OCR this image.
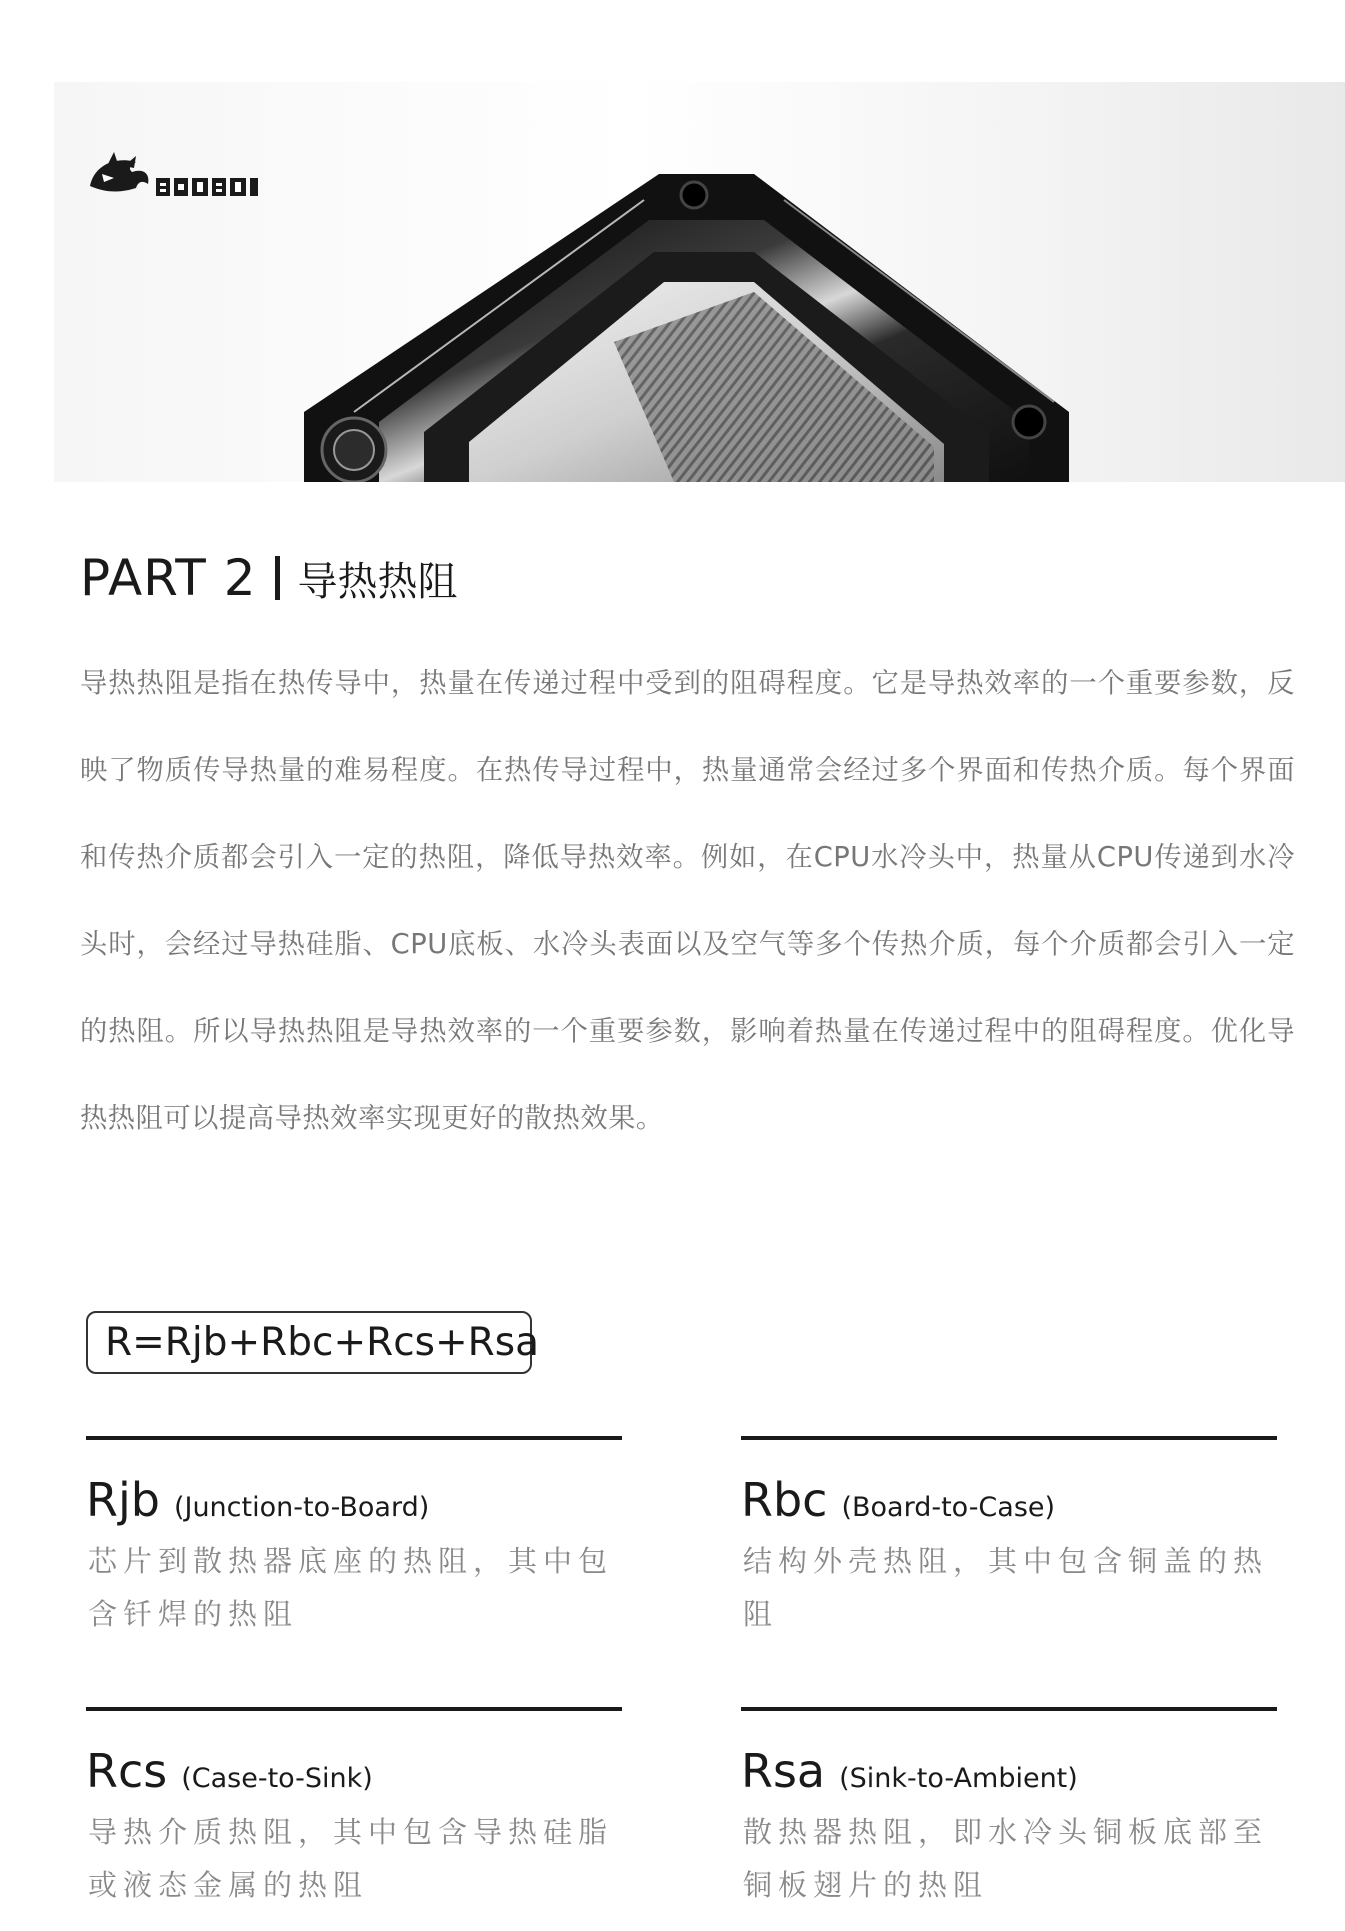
PART 2 导热热阻

导热热阻是指在热传导中，热量在传递过程中受到的阻碍程度。它是导热效率的一个重要参数，反映了物质传导热量的难易程度。在热传导过程中，热量通常会经过多个界面和传热介质。每个界面和传热介质都会引入一定的热阻，降低导热效率。例如，在CPU水冷头中，热量从CPU传递到水冷头时，会经过导热硅脂、CPU底板、水冷头表面以及空气等多个传热介质，每个介质都会引入一定的热阻。所以导热热阻是导热效率的一个重要参数，影响着热量在传递过程中的阻碍程度。优化导热热阻可以提高导热效率实现更好的散热效果。

R=Rjb+Rbc+Rcs+Rsa
Rjb (Junction-to-Board)
芯片到散热器底座的热阻，其中包含钎焊的热阻
Rbc (Board-to-Case)
结构外壳热阻，其中包含铜盖的热阻
Rcs (Case-to-Sink)
导热介质热阻，其中包含导热硅脂或液态金属的热阻
Rsa (Sink-to-Ambient)
散热器热阻，即水冷头铜板底部至铜板翅片的热阻
